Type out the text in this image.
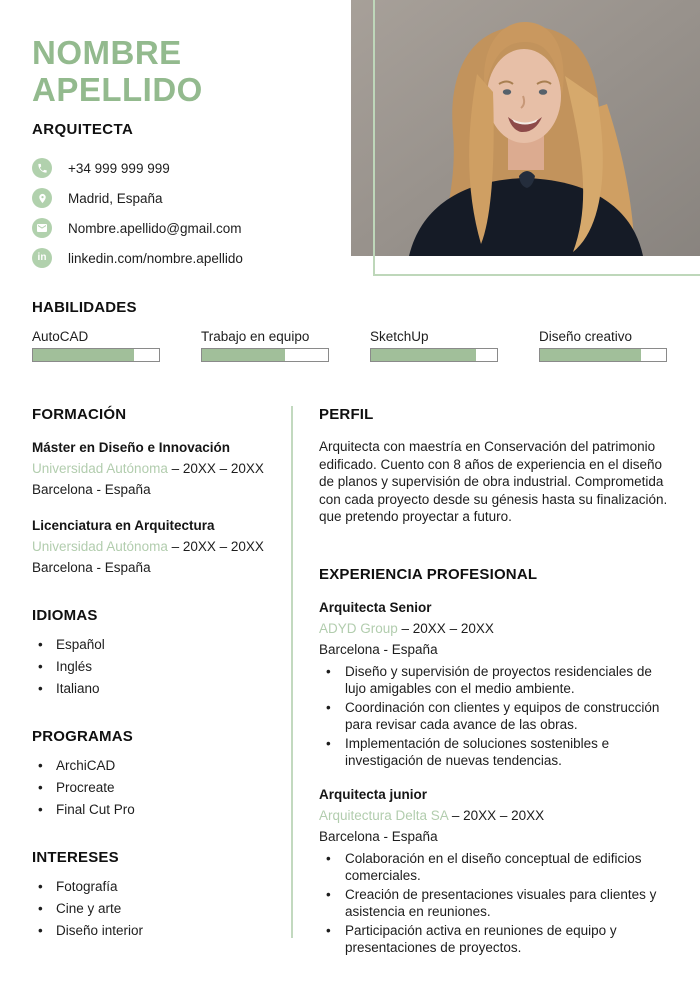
NOMBRE
APELLIDO
ARQUITECTA
+34 999 999 999
Madrid, España
Nombre.apellido@gmail.com
in linkedin.com/nombre.apellido
HABILIDADES
AutoCAD	Trabajo en equipo	SketchUp	Diseño creativo
FORMACIÓN
Máster en Diseño e Innovación
Universidad Autónoma – 20XX – 20XX
Barcelona - España
Licenciatura en Arquitectura
Universidad Autónoma – 20XX – 20XX
Barcelona - España
IDIOMAS
• Español
• Inglés
• Italiano
PROGRAMAS
• ArchiCAD
• Procreate
• Final Cut Pro
INTERESES
• Fotografía
• Cine y arte
• Diseño interior
PERFIL

Arquitecta con maestría en Conservación del patrimonio edificado. Cuento con 8 años de experiencia en el diseño de planos y supervisión de obra industrial. Comprometida con cada proyecto desde su génesis hasta su finalización. que pretendo proyectar a futuro.

EXPERIENCIA PROFESIONAL
Arquitecta Senior
ADYD Group – 20XX – 20XX
Barcelona - España
• Diseño y supervisión de proyectos residenciales de lujo amigables con el medio ambiente.
• Coordinación con clientes y equipos de construcción para revisar cada avance de las obras.
• Implementación de soluciones sostenibles e investigación de nuevas tendencias.
Arquitecta junior
Arquitectura Delta SA – 20XX – 20XX
Barcelona - España
• Colaboración en el diseño conceptual de edificios comerciales.
• Creación de presentaciones visuales para clientes y asistencia en reuniones.
• Participación activa en reuniones de equipo y presentaciones de proyectos.
